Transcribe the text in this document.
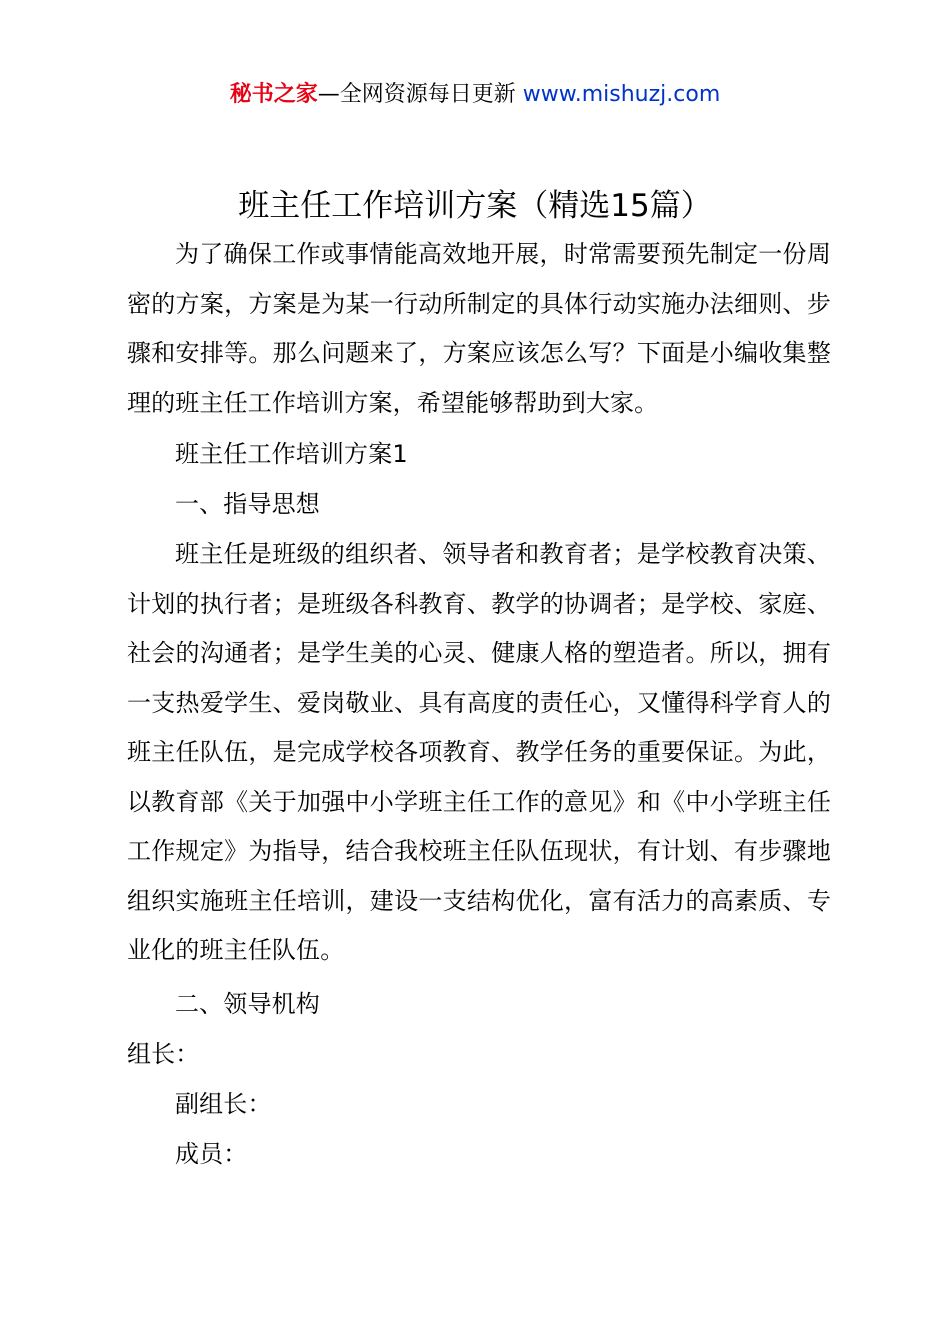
秘书之家—全网资源每日更新 www.mishuzj.com
班主任工作培训方案（精选15篇）

为了确保工作或事情能高效地开展，时常需要预先制定一份周密的方案，方案是为某一行动所制定的具体行动实施办法细则、步骤和安排等。那么问题来了，方案应该怎么写？下面是小编收集整理的班主任工作培训方案，希望能够帮助到大家。

班主任工作培训方案1

一、指导思想

班主任是班级的组织者、领导者和教育者；是学校教育决策、计划的执行者；是班级各科教育、教学的协调者；是学校、家庭、社会的沟通者；是学生美的心灵、健康人格的塑造者。所以，拥有一支热爱学生、爱岗敬业、具有高度的责任心，又懂得科学育人的班主任队伍，是完成学校各项教育、教学任务的重要保证。为此，以教育部《关于加强中小学班主任工作的意见》和《中小学班主任工作规定》为指导，结合我校班主任队伍现状，有计划、有步骤地组织实施班主任培训，建设一支结构优化，富有活力的高素质、专业化的班主任队伍。

二、领导机构

组长：

副组长：

成员：
